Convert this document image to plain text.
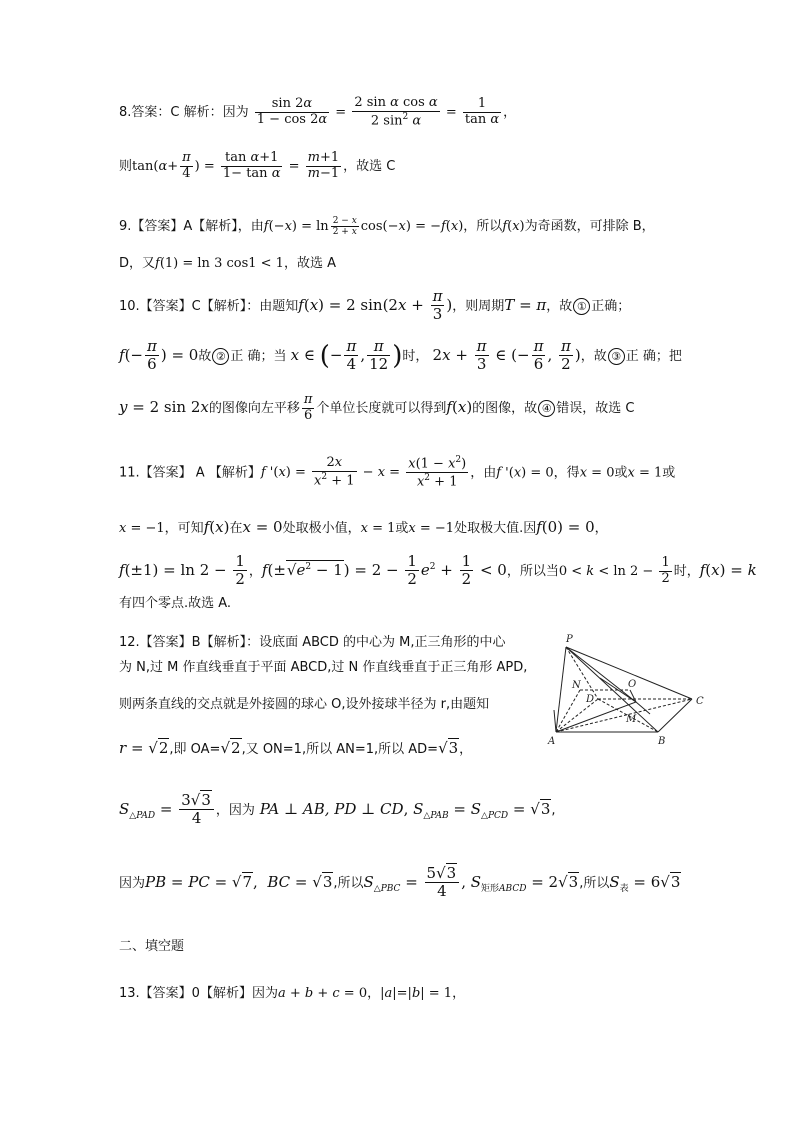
8.答案：C 解析：因为 $\frac{\sin 2\alpha}{1 - \cos 2\alpha} = \frac{\text{2 sin α cos α}}{2 \sin^2 \alpha} = \frac{1}{\text{tan α}}$ ，
则$\tan(\alpha+ \frac{\pi}{4}$ ) = $\frac{\text{tan α+1}}{\text{1− tan α}} = \frac{m+1}{m-1}$ ，故选 C
9.【答案】A【解析】，由$f(-x) = \ln \frac{2 - x}{2 + x} \cos(-x) = -f(x)$，所以f(x)为奇函数，可排除 B，
D，又f(1) = ln 3 cos1 < 1，故选 A
10.【答案】C【解析】：由题知f(x) = 2 $\sin(2x + \frac{\pi}{3}$ )，则周期T = π，故 ① 正确；
$f(- \frac{\pi}{6}$ ) = 0故 ② 正 确；当 x ∈ (− $\frac{\pi}{4}$ , $\frac{\pi}{12}$ )时， $2x + \frac{\pi}{3}$ ∈ (− $\frac{\pi}{6}$ , $\frac{\pi}{2}$ )，故 ③ 正 确；把
y = 2 sin 2x的图像向左平移 $\frac{\pi}{6}$ 个单位长度就可以得到f(x)的图像，故 ④ 错误，故选 C
11.【答案】 A 【解析】f '$(x) = \frac{2x}{x^2 + 1} - x = \frac{x(1 - x^2)}{x^2 + 1}$ ，由f '(x) = 0，得x = 0或x = 1或
x = −1，可知f(x)在x = 0处取极小值，x = 1或x = −1处取极大值.因f(0) = 0，
$f(\pm 1) = \ln 2 - \frac{1}{2}$ ，$f(\pm√e^2 - 1) = 2 - \frac{1}{2} e^2 + \frac{1}{2} < 0$，所以当$0 < k < \ln 2 - \frac{1}{2}$ 时，f(x) = k
有四个零点.故选 A.
12.【答案】B【解析】：设底面 ABCD 的中心为 M,正三角形的中心
为 N,过 M 作直线垂直于平面 ABCD,过 N 作直线垂直于正三角形 APD,
则两条直线的交点就是外接圆的球心 O,设外接球半径为 r,由题知
r = √2,即 OA=√2,又 ON=1,所以 AN=1,所以 AD=√3，
$S_{\triangle PAD} = \frac{3√3}{4}$ ，因为 PA ⊥ AB, PD ⊥ CD, $S_{\triangle PAB} = S_{\triangle PCD} = √3$,
因为PB = PC = √7,  BC = √3,所以$S_{\triangle PBC} = \frac{5√3}{4}$ , $S_{矩形ABCD} = 2√3$,所以$S_表 = 6√3$
P
N
D
O
M
C
A	B
二、填空题
13.【答案】0【解析】因为a + b + c = 0，|a|=|b| = 1，
